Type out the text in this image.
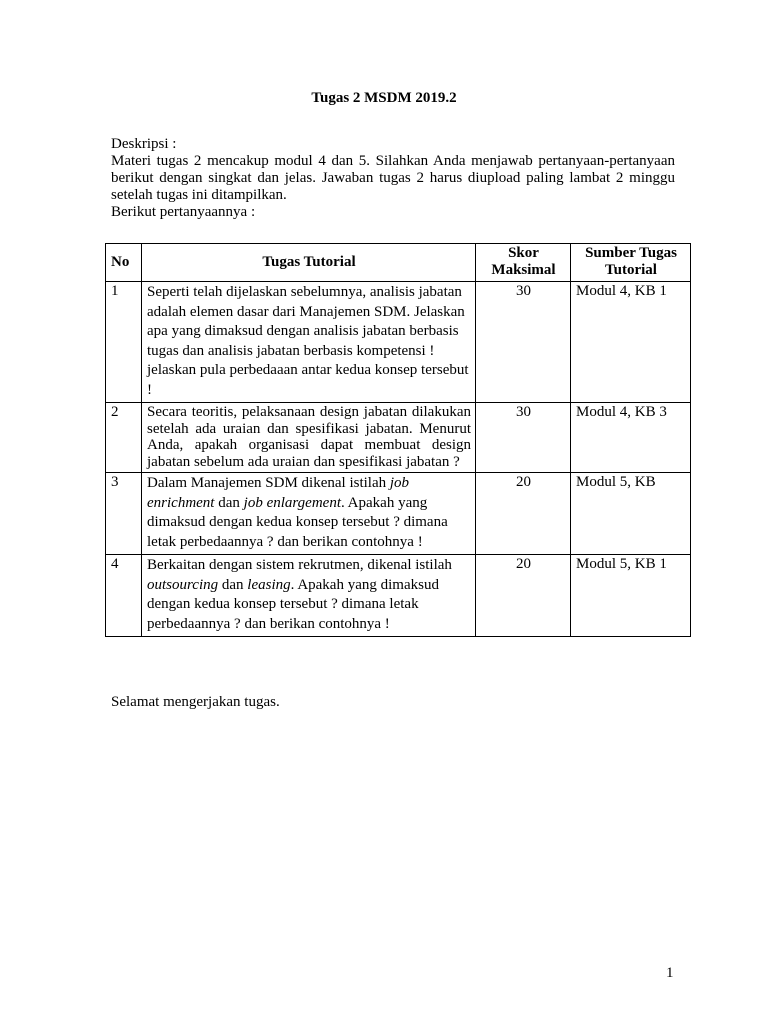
Tugas 2 MSDM 2019.2

Deskripsi :

Materi tugas 2 mencakup modul 4 dan 5. Silahkan Anda menjawab pertanyaan-pertanyaan berikut dengan singkat dan jelas. Jawaban tugas 2 harus diupload paling lambat 2 minggu setelah tugas ini ditampilkan.

Berikut pertanyaannya :

No	Tugas Tutorial	Skor Maksimal	Sumber Tugas Tutorial
1	Seperti telah dijelaskan sebelumnya, analisis jabatan adalah elemen dasar dari Manajemen SDM. Jelaskan apa yang dimaksud dengan analisis jabatan berbasis tugas dan analisis jabatan berbasis kompetensi ! jelaskan pula perbedaaan antar kedua konsep tersebut !	30	Modul 4, KB 1
2	Secara teoritis, pelaksanaan design jabatan dilakukan setelah ada uraian dan spesifikasi jabatan. Menurut Anda, apakah organisasi dapat membuat design jabatan sebelum ada uraian dan spesifikasi jabatan ?	30	Modul 4, KB 3
3	Dalam Manajemen SDM dikenal istilah job enrichment dan job enlargement. Apakah yang dimaksud dengan kedua konsep tersebut ? dimana letak perbedaannya ? dan berikan contohnya !	20	Modul 5, KB
4	Berkaitan dengan sistem rekrutmen, dikenal istilah outsourcing dan leasing. Apakah yang dimaksud dengan kedua konsep tersebut ? dimana letak perbedaannya ? dan berikan contohnya !	20	Modul 5, KB 1
Selamat mengerjakan tugas.
1
